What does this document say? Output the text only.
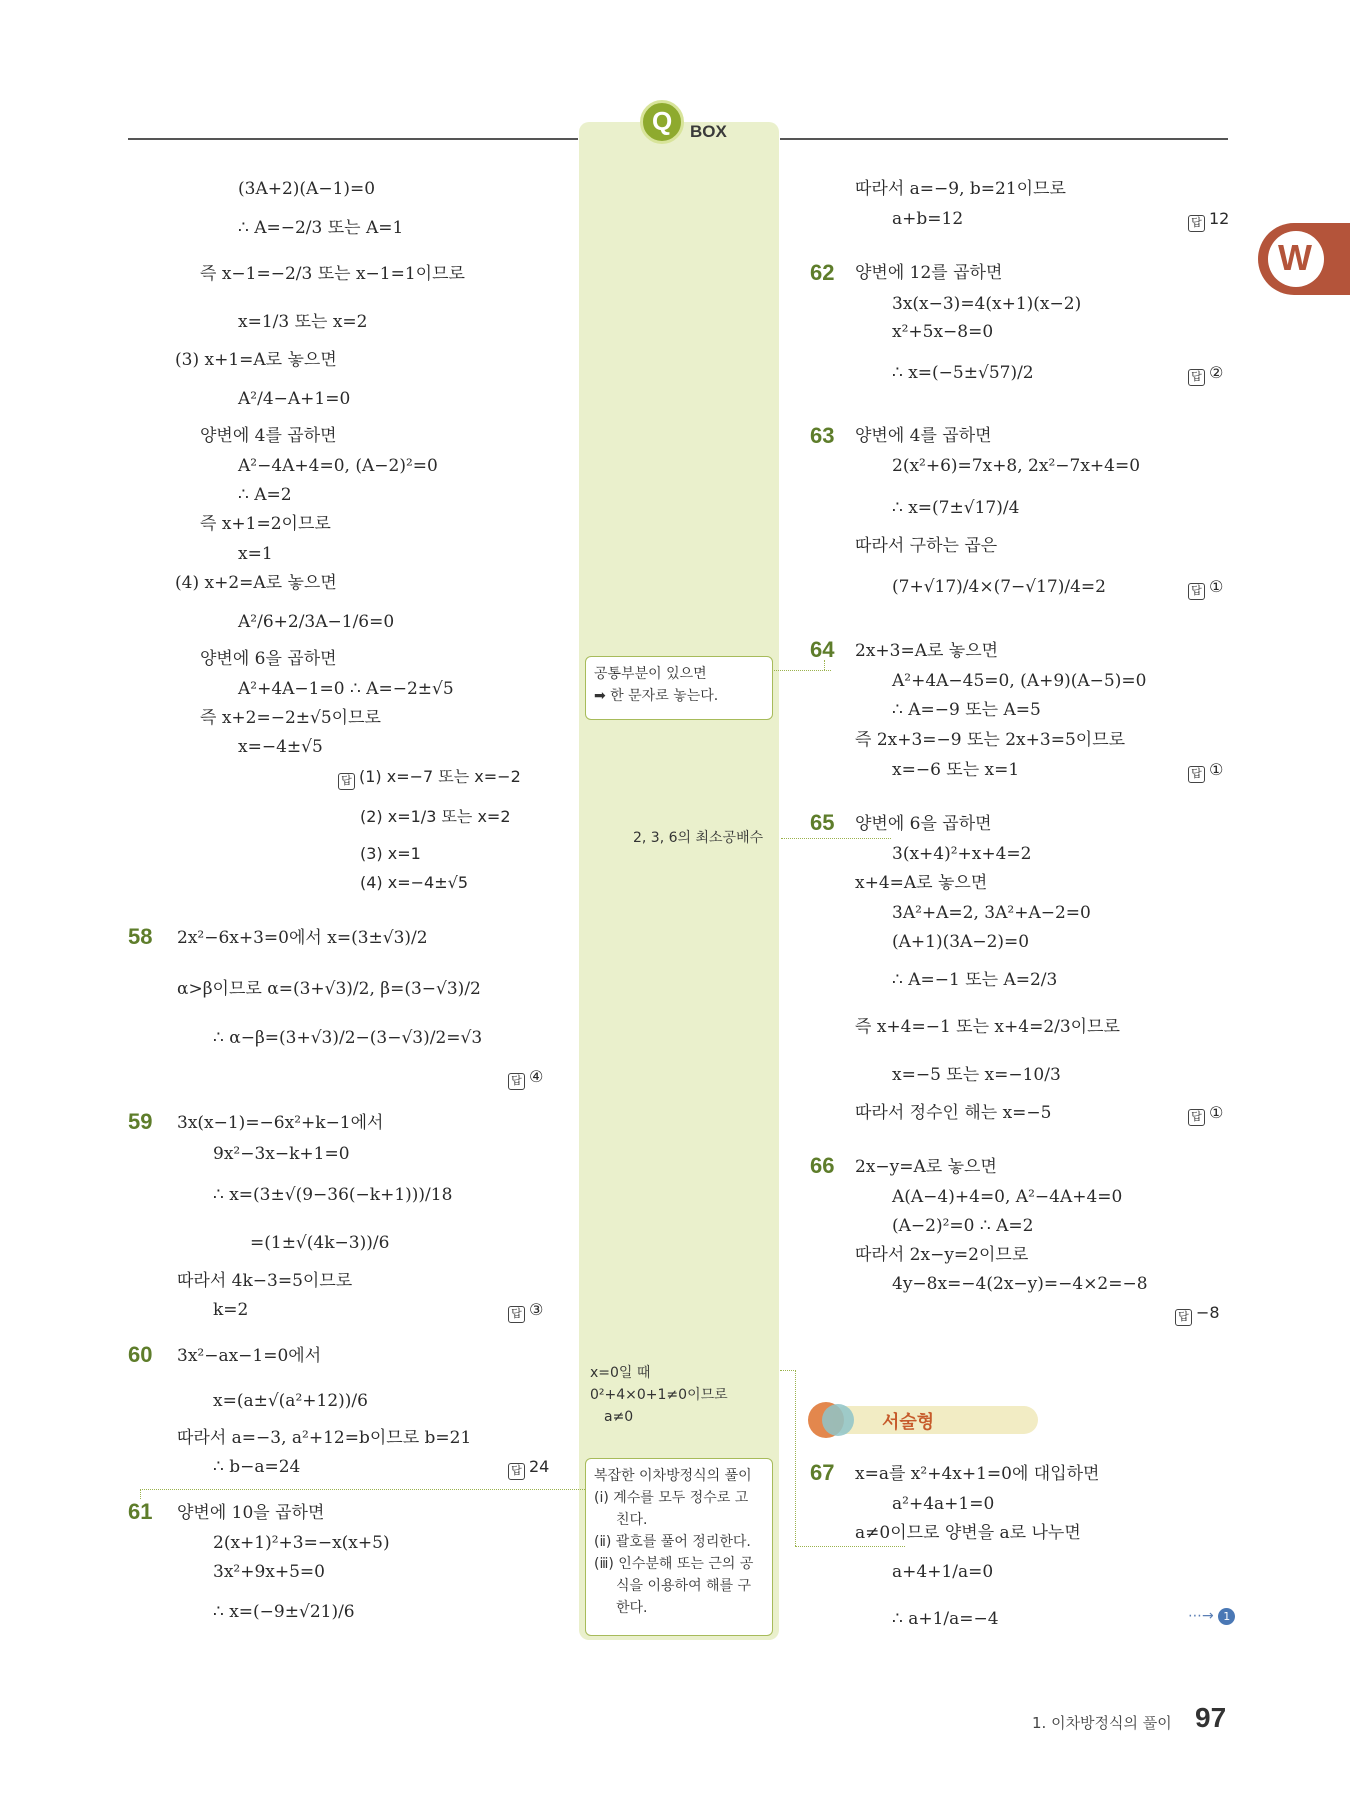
Q BOX
W
(3A+2)(A−1)=0
∴ A=−2/3 또는 A=1
즉 x−1=−2/3 또는 x−1=1이므로
x=1/3 또는 x=2
(3) x+1=A로 놓으면
A²/4−A+1=0
양변에 4를 곱하면
A²−4A+4=0, (A−2)²=0
∴ A=2
즉 x+1=2이므로
x=1
(4) x+2=A로 놓으면
A²/6+2/3A−1/6=0
양변에 6을 곱하면
A²+4A−1=0 ∴ A=−2±√5
즉 x+2=−2±√5이므로
x=−4±√5
답 (1) x=−7 또는 x=−2
(2) x=1/3 또는 x=2
(3) x=1
(4) x=−4±√5
58 2x²−6x+3=0에서 x=(3±√3)/2
α>β이므로 α=(3+√3)/2, β=(3−√3)/2
∴ α−β=(3+√3)/2−(3−√3)/2=√3
답 ④
59 3x(x−1)=−6x²+k−1에서
9x²−3x−k+1=0
∴ x=(3±√(9−36(−k+1)))/18
=(1±√(4k−3))/6
따라서 4k−3=5이므로
k=2	답 ③
60 3x²−ax−1=0에서
x=(a±√(a²+12))/6
따라서 a=−3, a²+12=b이므로 b=21
∴ b−a=24	답 24
61 양변에 10을 곱하면
2(x+1)²+3=−x(x+5)
3x²+9x+5=0
∴ x=(−9±√21)/6
공통부분이 있으면
➡ 한 문자로 놓는다.
2, 3, 6의 최소공배수
x=0일 때
0²+4×0+1≠0이므로
a≠0
복잡한 이차방정식의 풀이
(ⅰ) 계수를 모두 정수로 고
친다.
(ⅱ) 괄호를 풀어 정리한다.
(ⅲ) 인수분해 또는 근의 공
식을 이용하여 해를 구
한다.
따라서 a=−9, b=21이므로
a+b=12	답 12
62 양변에 12를 곱하면
3x(x−3)=4(x+1)(x−2)
x²+5x−8=0
∴ x=(−5±√57)/2	답 ②
63 양변에 4를 곱하면
2(x²+6)=7x+8, 2x²−7x+4=0
∴ x=(7±√17)/4
따라서 구하는 곱은
(7+√17)/4×(7−√17)/4=2	답 ①
64 2x+3=A로 놓으면
A²+4A−45=0, (A+9)(A−5)=0
∴ A=−9 또는 A=5
즉 2x+3=−9 또는 2x+3=5이므로
x=−6 또는 x=1	답 ①
65 양변에 6을 곱하면
3(x+4)²+x+4=2
x+4=A로 놓으면
3A²+A=2, 3A²+A−2=0
(A+1)(3A−2)=0
∴ A=−1 또는 A=2/3
즉 x+4=−1 또는 x+4=2/3이므로
x=−5 또는 x=−10/3
따라서 정수인 해는 x=−5	답 ①
66 2x−y=A로 놓으면
A(A−4)+4=0, A²−4A+4=0
(A−2)²=0 ∴ A=2
따라서 2x−y=2이므로
4y−8x=−4(2x−y)=−4×2=−8
답 −8
서술형
67 x=a를 x²+4x+1=0에 대입하면
a²+4a+1=0
a≠0이므로 양변을 a로 나누면
a+4+1/a=0
∴ a+1/a=−4	⋯→ 1
1. 이차방정식의 풀이 97
